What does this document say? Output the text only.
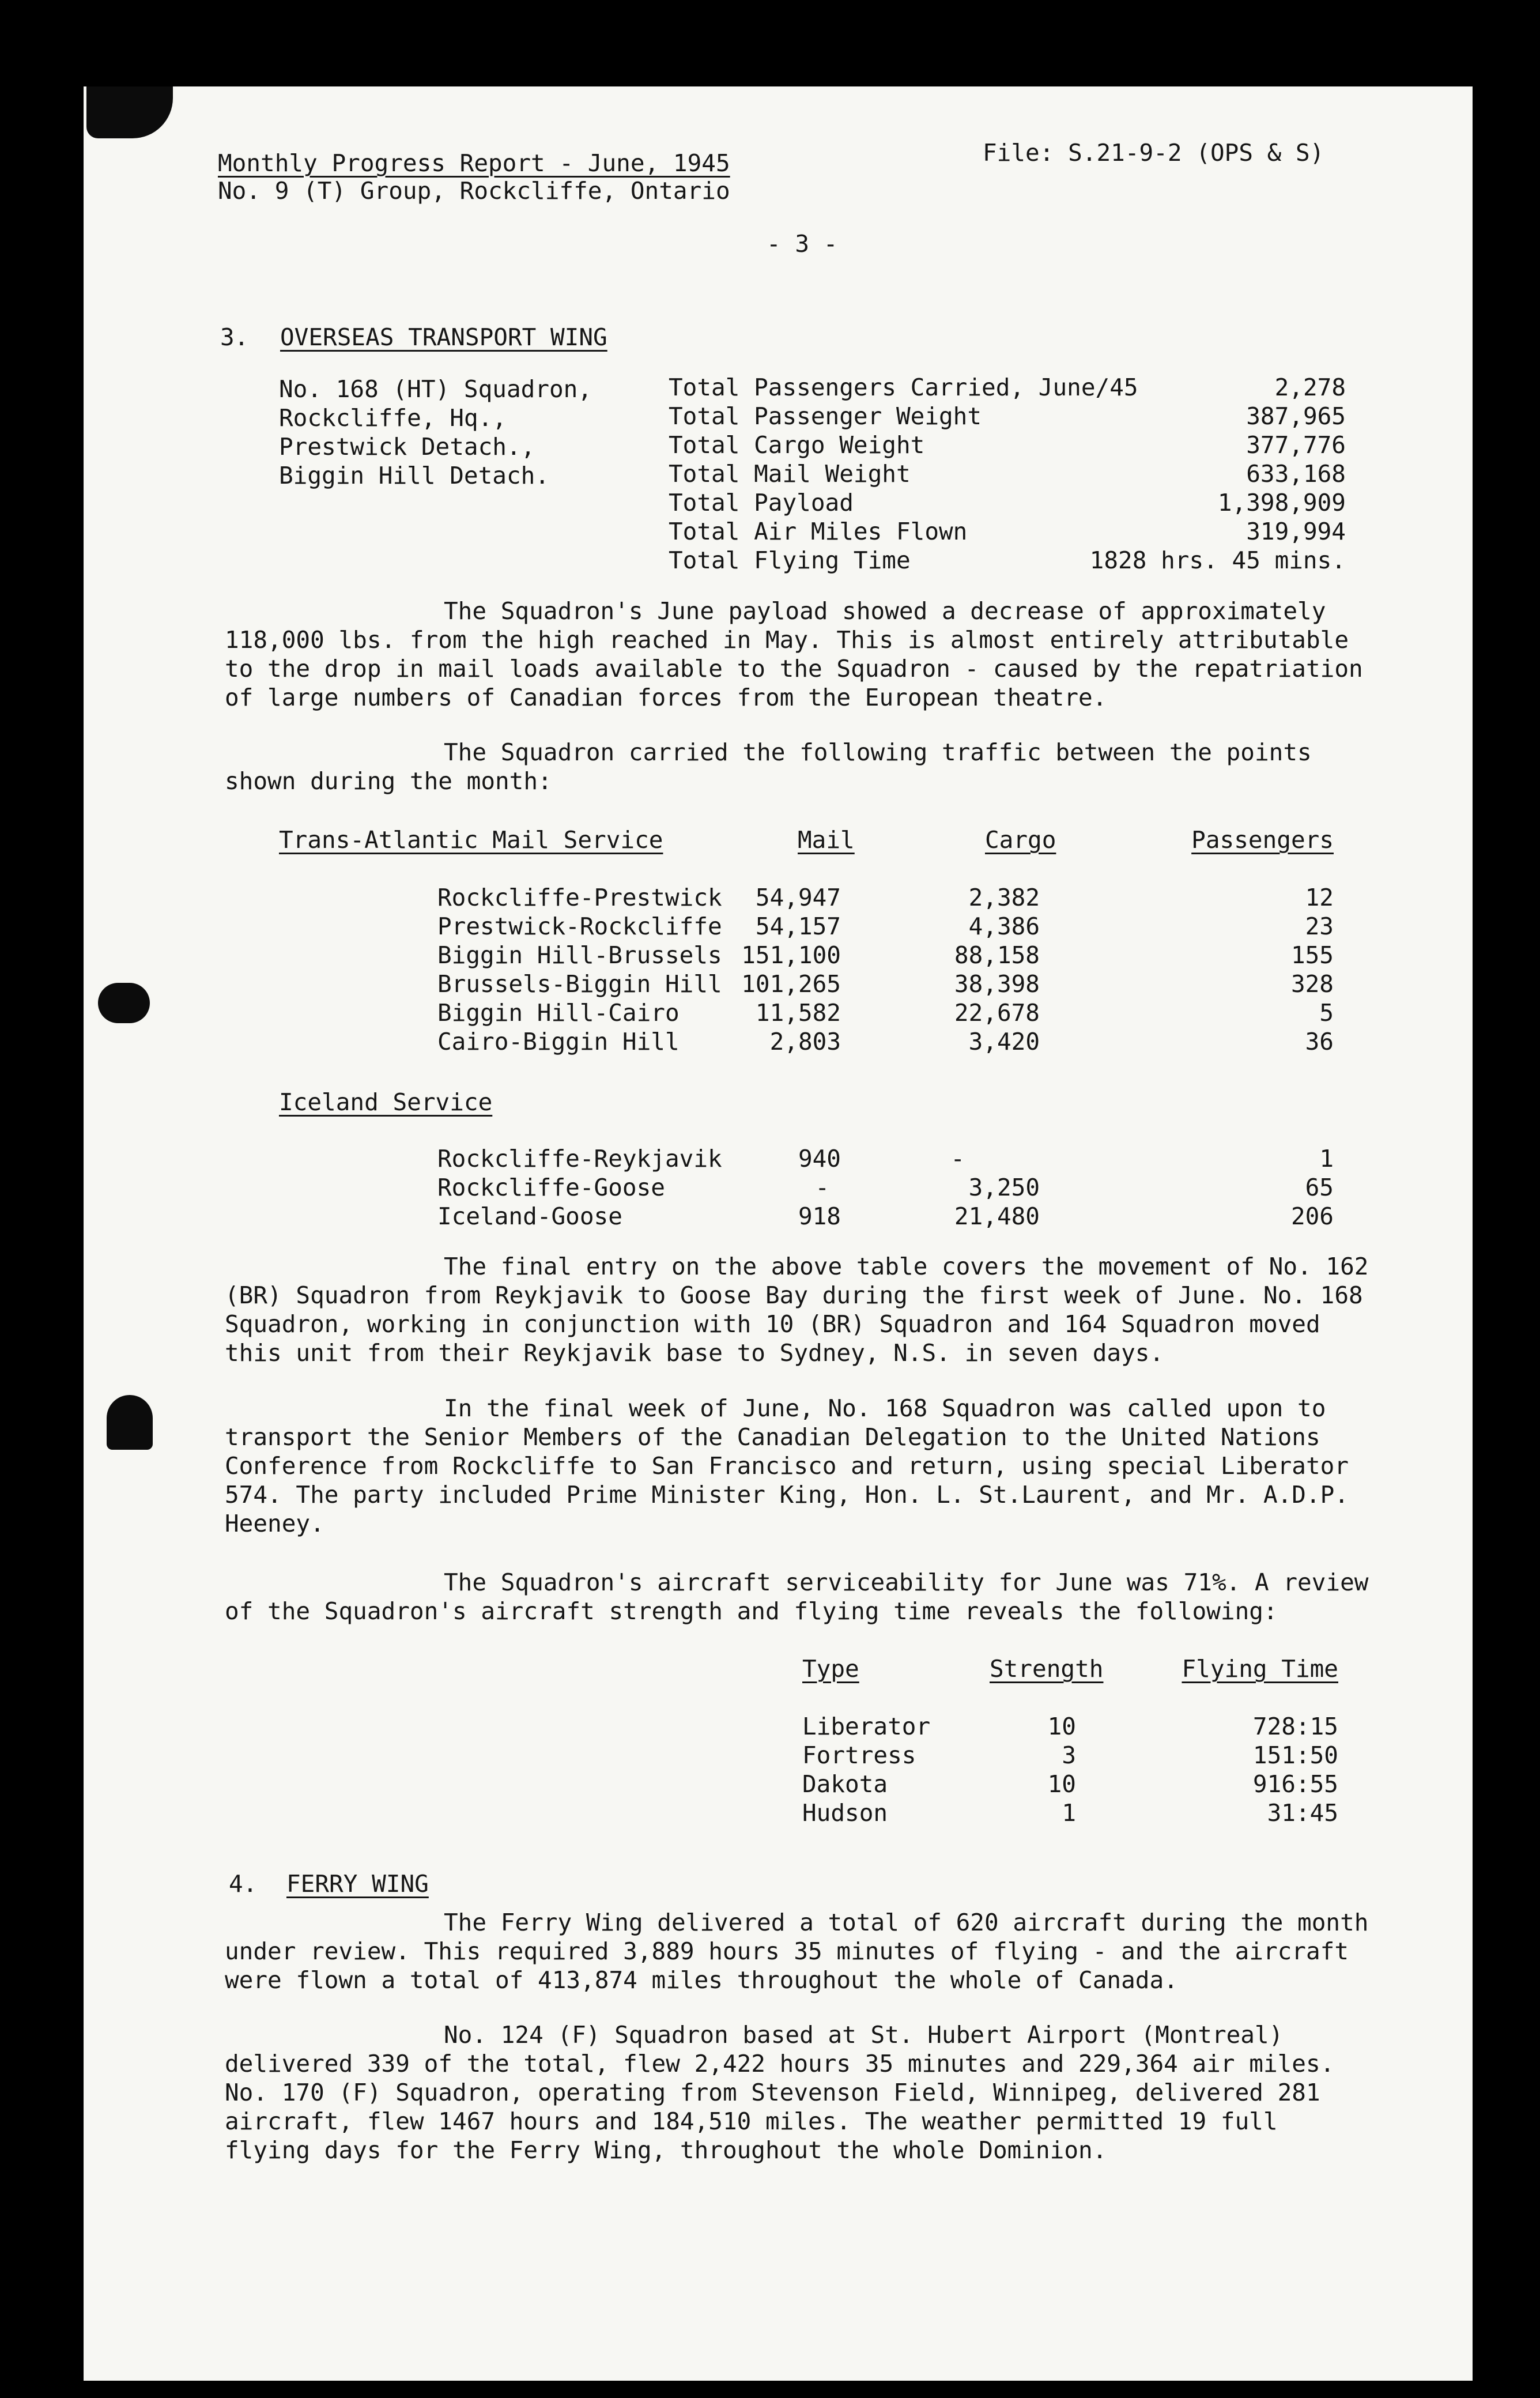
Monthly Progress Report - June, 1945
No. 9 (T) Group, Rockcliffe, Ontario
File: S.21-9-2 (OPS & S)
- 3 -
3. OVERSEAS TRANSPORT WING
No. 168 (HT) Squadron,
Rockcliffe, Hq.,
Prestwick Detach.,
Biggin Hill Detach.
Total Passengers Carried, June/45	2,278
Total Passenger Weight	387,965
Total Cargo Weight	377,776
Total Mail Weight	633,168
Total Payload	1,398,909
Total Air Miles Flown	319,994
Total Flying Time	1828 hrs. 45 mins.

The Squadron's June payload showed a decrease of approximately 118,000 lbs. from the high reached in May. This is almost entirely attributable to the drop in mail loads available to the Squadron - caused by the repatriation of large numbers of Canadian forces from the European theatre.

The Squadron carried the following traffic between the points shown during the month:

Trans-Atlantic Mail Service	Mail	Cargo	Passengers
Rockcliffe-Prestwick 54,947	2,382	12
Prestwick-Rockcliffe 54,157	4,386	23
Biggin Hill-Brussels 151,100	88,158	155
Brussels-Biggin Hill 101,265	38,398	328
Biggin Hill-Cairo	11,582	22,678	5
Cairo-Biggin Hill	2,803	3,420	36
Iceland Service
Rockcliffe-Reykjavik	940	-	1
Rockcliffe-Goose	-	3,250	65
Iceland-Goose	918	21,480	206

The final entry on the above table covers the movement of No. 162 (BR) Squadron from Reykjavik to Goose Bay during the first week of June. No. 168 Squadron, working in conjunction with 10 (BR) Squadron and 164 Squadron moved this unit from their Reykjavik base to Sydney, N.S. in seven days.

In the final week of June, No. 168 Squadron was called upon to transport the Senior Members of the Canadian Delegation to the United Nations Conference from Rockcliffe to San Francisco and return, using special Liberator 574. The party included Prime Minister King, Hon. L. St.Laurent, and Mr. A.D.P. Heeney.

The Squadron's aircraft serviceability for June was 71%. A review of the Squadron's aircraft strength and flying time reveals the following:

Type	Strength	Flying Time
Liberator	10	728:15
Fortress	3	151:50
Dakota	10	916:55
Hudson	1	31:45
4. FERRY WING

The Ferry Wing delivered a total of 620 aircraft during the month under review. This required 3,889 hours 35 minutes of flying - and the aircraft were flown a total of 413,874 miles throughout the whole of Canada.

No. 124 (F) Squadron based at St. Hubert Airport (Montreal) delivered 339 of the total, flew 2,422 hours 35 minutes and 229,364 air miles. No. 170 (F) Squadron, operating from Stevenson Field, Winnipeg, delivered 281 aircraft, flew 1467 hours and 184,510 miles. The weather permitted 19 full flying days for the Ferry Wing, throughout the whole Dominion.
